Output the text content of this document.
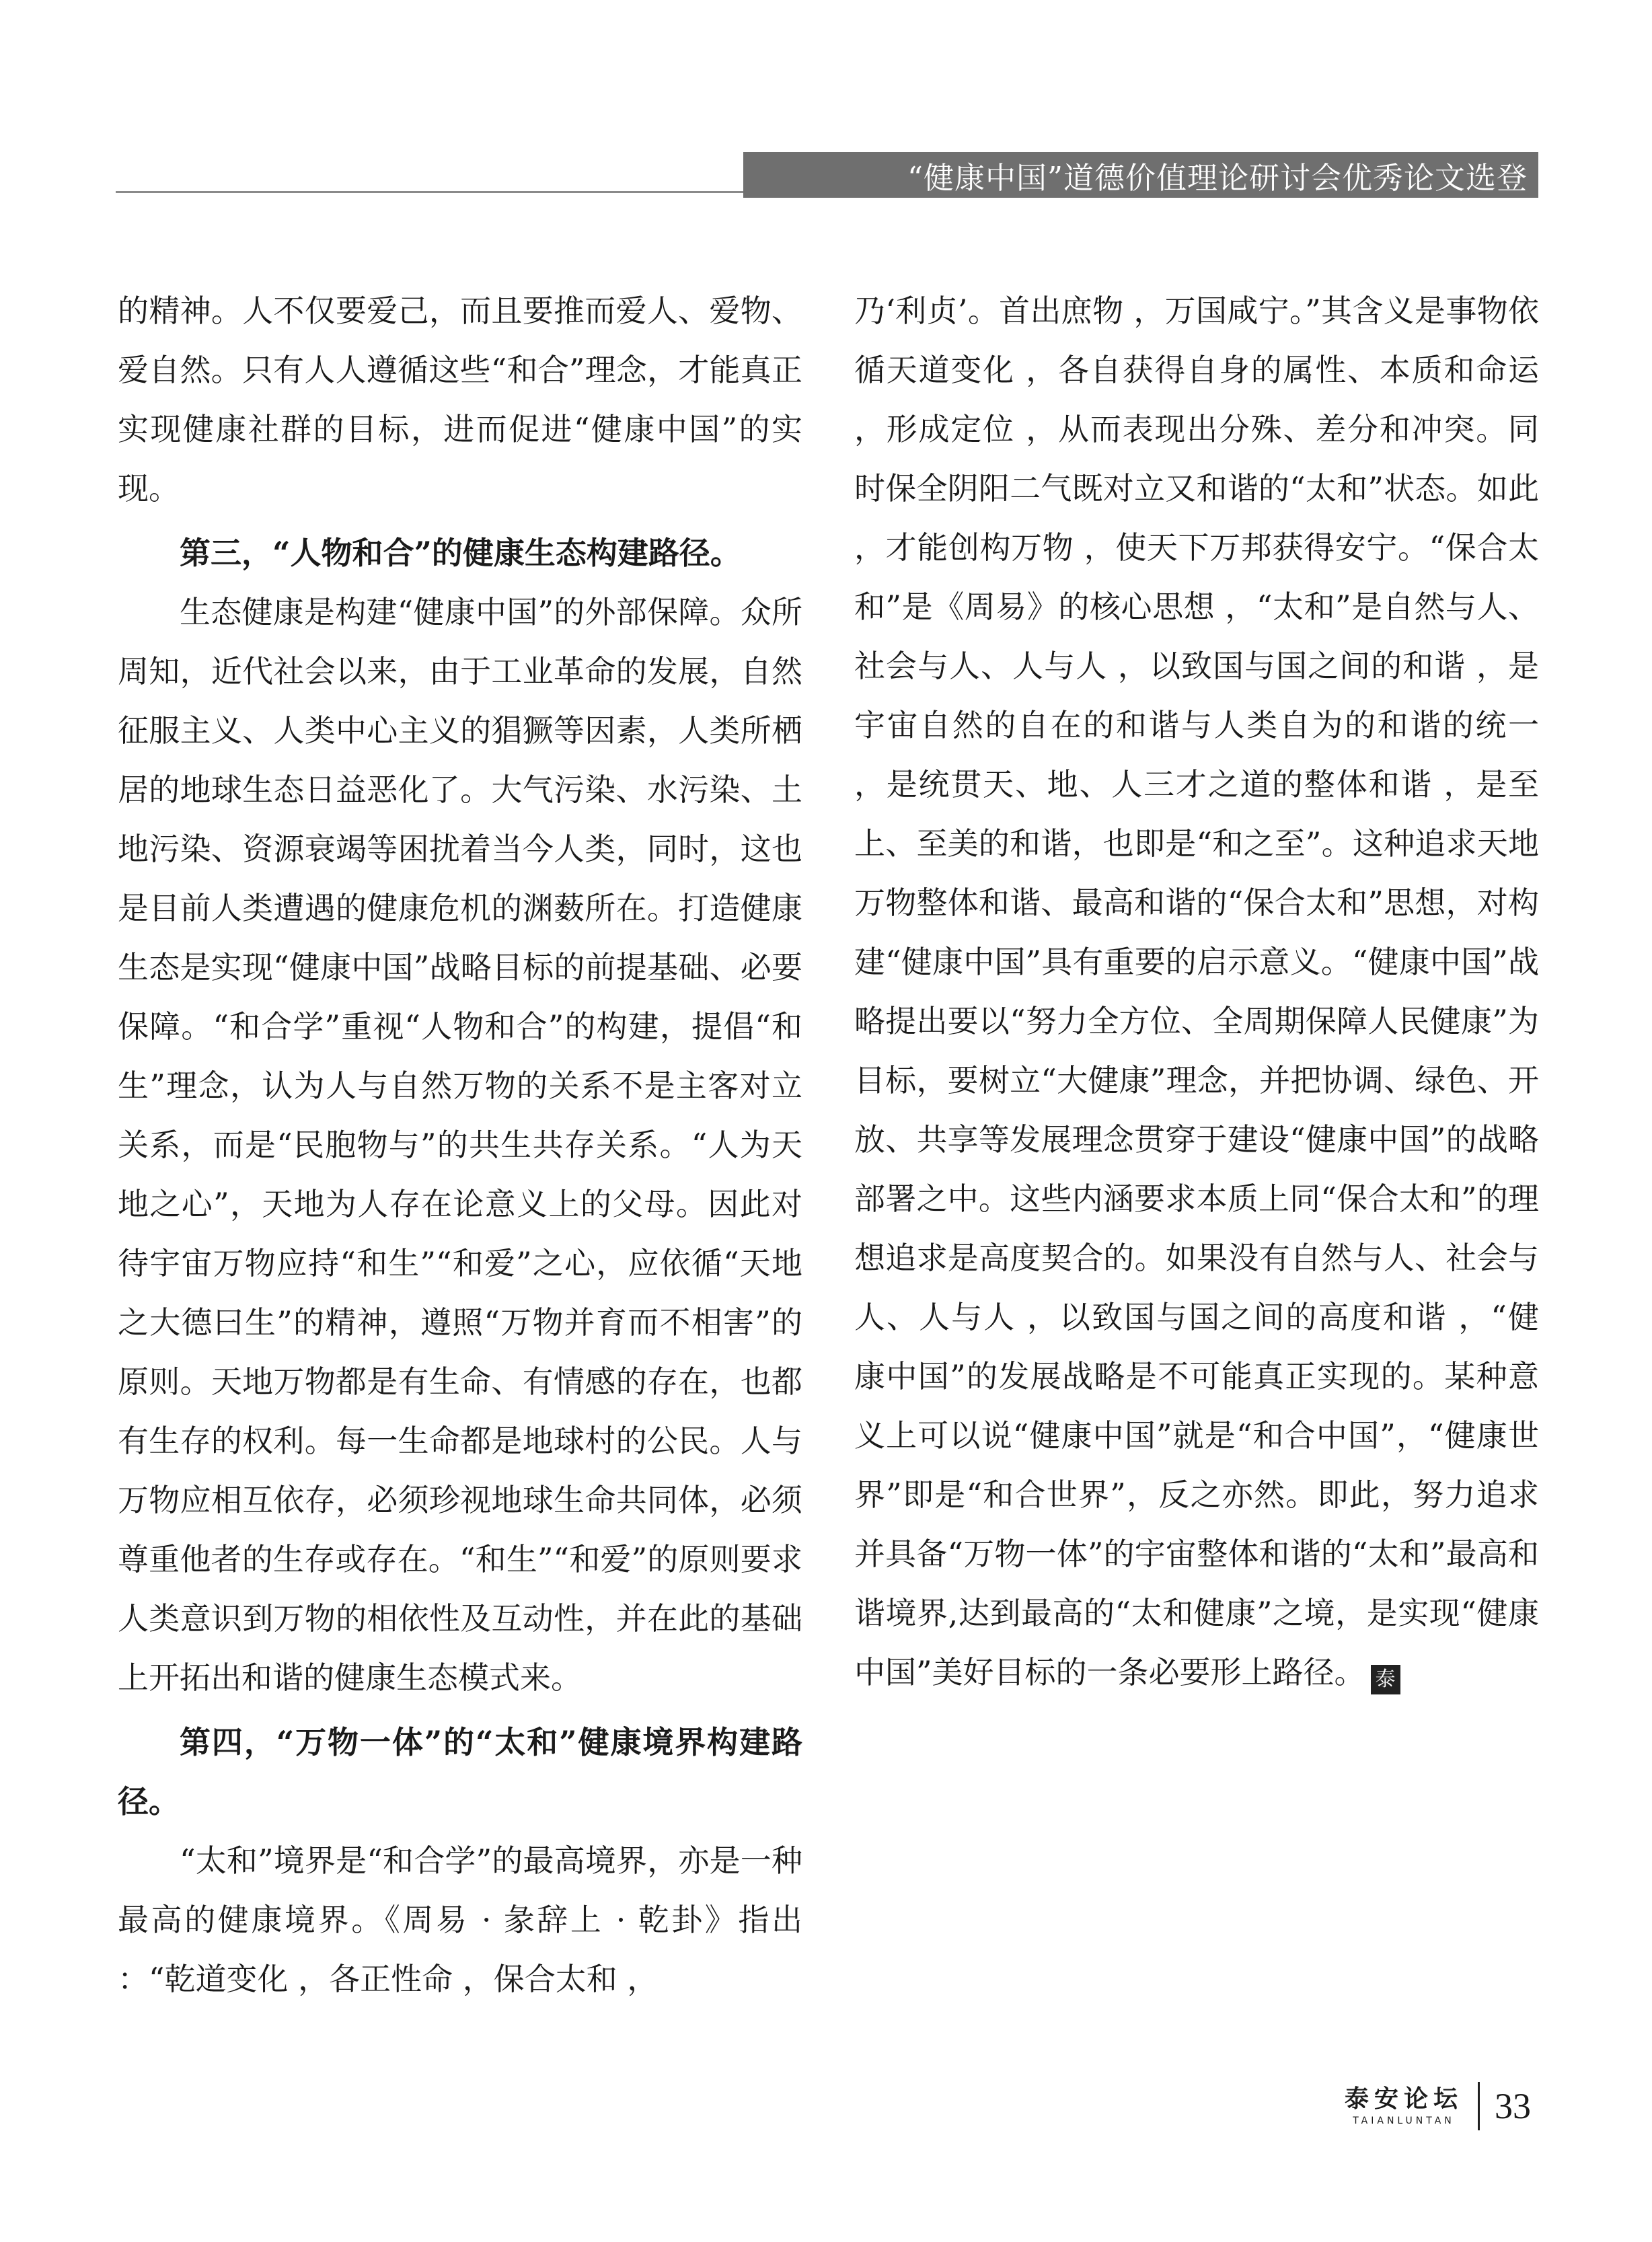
“健康中国”道德价值理论研讨会优秀论文选登

的精神。人不仅要爱己，而且要推而爱人、爱物、爱自然。只有人人遵循这些“和合”理念，才能真正实现健康社群的目标，进而促进“健康中国”的实现。

第三，“人物和合”的健康生态构建路径。

生态健康是构建“健康中国”的外部保障。众所周知，近代社会以来，由于工业革命的发展，自然征服主义、人类中心主义的猖獗等因素，人类所栖居的地球生态日益恶化了。大气污染、水污染、土地污染、资源衰竭等困扰着当今人类，同时，这也是目前人类遭遇的健康危机的渊薮所在。打造健康生态是实现“健康中国”战略目标的前提基础、必要保障。“和合学”重视“人物和合”的构建，提倡“和生”理念，认为人与自然万物的关系不是主客对立关系，而是“民胞物与”的共生共存关系。“人为天地之心”，天地为人存在论意义上的父母。因此对待宇宙万物应持“和生”“和爱”之心，应依循“天地之大德曰生”的精神，遵照“万物并育而不相害”的原则。天地万物都是有生命、有情感的存在，也都有生存的权利。每一生命都是地球村的公民。人与万物应相互依存，必须珍视地球生命共同体，必须尊重他者的生存或存在。“和生”“和爱”的原则要求人类意识到万物的相依性及互动性，并在此的基础上开拓出和谐的健康生态模式来。

第四，“万物一体”的“太和”健康境界构建路径。

“太和”境界是“和合学”的最高境界，亦是一种最高的健康境界。《周易 · 彖辞上 · 乾卦》指出 ：“乾道变化 ，各正性命 ，保合太和 ，

乃‘利贞’。首出庶物 ，万国咸宁。”其含义是事物依循天道变化 ，各自获得自身的属性、本质和命运 ，形成定位 ，从而表现出分殊、差分和冲突。同时保全阴阳二气既对立又和谐的“太和”状态。如此 ，才能创构万物 ，使天下万邦获得安宁。“保合太和”是《周易》的核心思想 ，“太和”是自然与人、社会与人、人与人 ，以致国与国之间的和谐 ，是宇宙自然的自在的和谐与人类自为的和谐的统一 ，是统贯天、地、人三才之道的整体和谐 ，是至上、至美的和谐，也即是“和之至”。这种追求天地万物整体和谐、最高和谐的“保合太和”思想，对构建“健康中国”具有重要的启示意义。“健康中国”战略提出要以“努力全方位、全周期保障人民健康”为目标，要树立“大健康”理念，并把协调、绿色、开放、共享等发展理念贯穿于建设“健康中国”的战略部署之中。这些内涵要求本质上同“保合太和”的理想追求是高度契合的。如果没有自然与人、社会与人、人与人 ，以致国与国之间的高度和谐 ，“健康中国”的发展战略是不可能真正实现的。某种意义上可以说“健康中国”就是“和合中国”，“健康世界”即是“和合世界”，反之亦然。即此，努力追求并具备“万物一体”的宇宙整体和谐的“太和”最高和谐境界,达到最高的“太和健康”之境，是实现“健康中国”美好目标的一条必要形上路径。 泰

泰安论坛
TAIANLUNTAN 33
